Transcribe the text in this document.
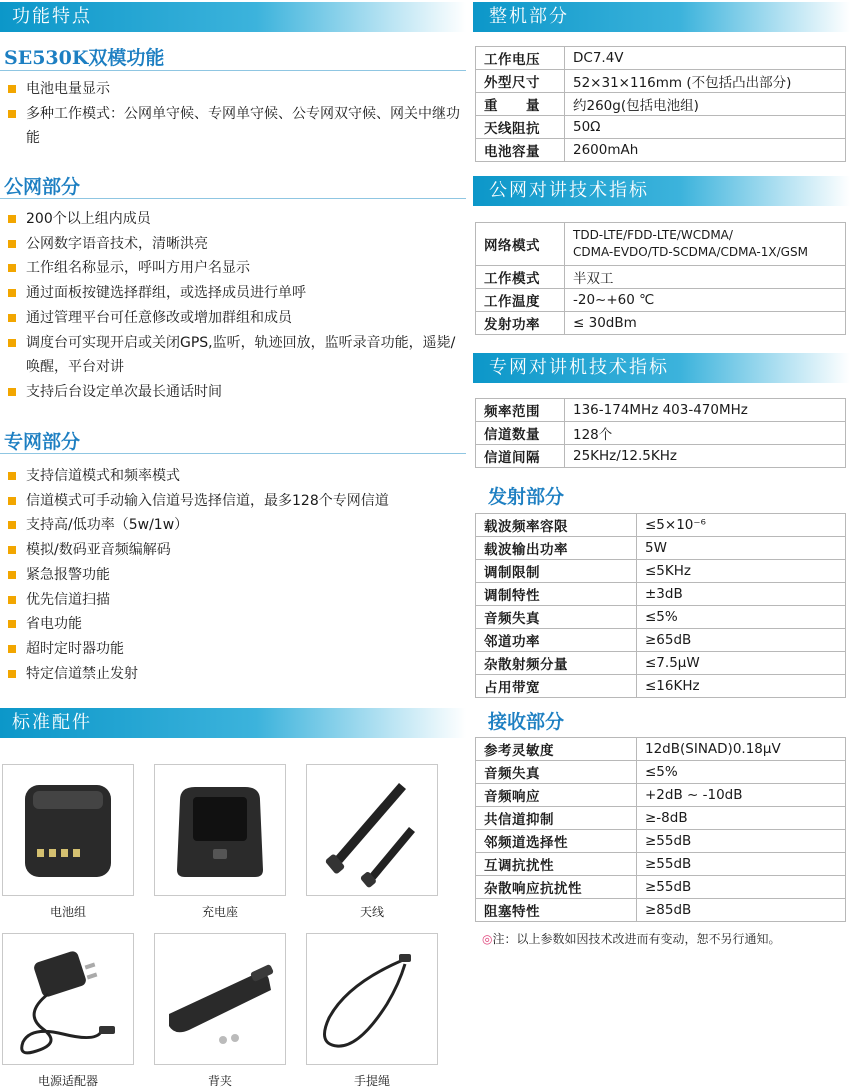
功能特点
SE530K双模功能
电池电量显示
多种工作模式：公网单守候、专网单守候、公专网双守候、网关中继功能
公网部分
200个以上组内成员
公网数字语音技术，清晰洪亮
工作组名称显示，呼叫方用户名显示
通过面板按键选择群组，或选择成员进行单呼
通过管理平台可任意修改或增加群组和成员
调度台可实现开启或关闭GPS,监听，轨迹回放，监听录音功能，遥毙/唤醒，平台对讲
支持后台设定单次最长通话时间
专网部分
支持信道模式和频率模式
信道模式可手动输入信道号选择信道，最多128个专网信道
支持高/低功率（5w/1w）
模拟/数码亚音频编解码
紧急报警功能
优先信道扫描
省电功能
超时定时器功能
特定信道禁止发射
标准配件
电池组	充电座	天线
电源适配器	背夹	手提绳
整机部分
工作电压	DC7.4V
外型尺寸	52×31×116mm (不包括凸出部分)
重　　量	约260g(包括电池组)
天线阻抗	50Ω
电池容量	2600mAh
公网对讲技术指标
网络模式	TDD-LTE/FDD-LTE/WCDMA/
CDMA-EVDO/TD-SCDMA/CDMA-1X/GSM
工作模式	半双工
工作温度	-20~+60 ℃
发射功率	≤ 30dBm
专网对讲机技术指标
频率范围	136-174MHz 403-470MHz
信道数量	128个
信道间隔	25KHz/12.5KHz
发射部分
载波频率容限	≤5×10⁻⁶
载波输出功率	5W
调制限制	≤5KHz
调制特性	±3dB
音频失真	≤5%
邻道功率	≥65dB
杂散射频分量	≤7.5μW
占用带宽	≤16KHz
接收部分
参考灵敏度	12dB(SINAD)0.18μV
音频失真	≤5%
音频响应	+2dB ~ -10dB
共信道抑制	≥-8dB
邻频道选择性	≥55dB
互调抗扰性	≥55dB
杂散响应抗扰性	≥55dB
阻塞特性	≥85dB
◎注：以上参数如因技术改进而有变动，恕不另行通知。
